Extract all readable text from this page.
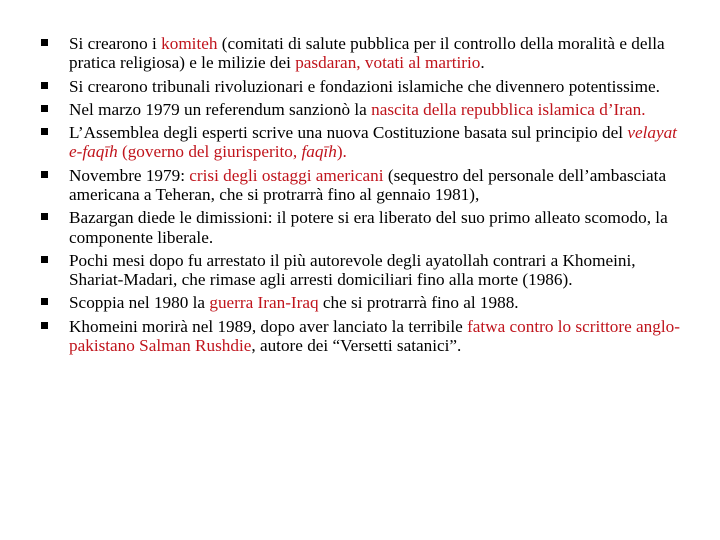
Si crearono i komiteh (comitati di salute pubblica per il controllo della moralità e della pratica religiosa) e le milizie dei pasdaran, votati al martirio.
Si crearono tribunali rivoluzionari e fondazioni islamiche che divennero potentissime.
Nel marzo 1979 un referendum sanzionò la nascita della repubblica islamica d’Iran.
L’Assemblea degli esperti scrive una nuova Costituzione basata sul principio del velayat e-faqīh (governo del giurisperito, faqīh).
Novembre 1979: crisi degli ostaggi americani (sequestro del personale dell’ambasciata americana a Teheran, che si protrarrà fino al gennaio 1981),
Bazargan diede le dimissioni: il potere si era liberato del suo primo alleato scomodo, la componente liberale.
Pochi mesi dopo fu arrestato il più autorevole degli ayatollah contrari a Khomeini, Shariat-Madari, che rimase agli arresti domiciliari fino alla morte (1986).
Scoppia nel 1980 la guerra Iran-Iraq che si protrarrà fino al 1988.
Khomeini morirà nel 1989, dopo aver lanciato la terribile fatwa contro lo scrittore anglo-pakistano Salman Rushdie, autore dei “Versetti satanici”.
